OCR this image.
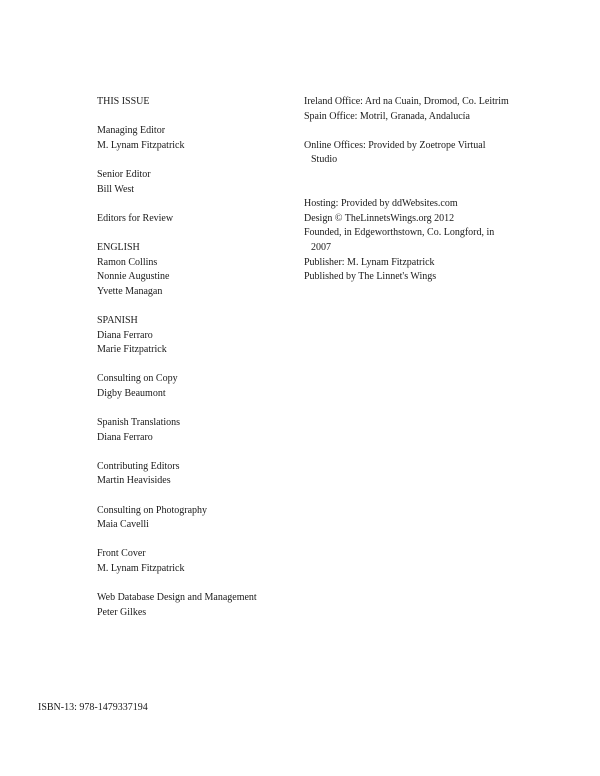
THIS ISSUE
Managing Editor
M. Lynam Fitzpatrick
Senior Editor
Bill West
Editors for Review
ENGLISH
Ramon Collins
Nonnie Augustine
Yvette Managan
SPANISH
Diana Ferraro
Marie Fitzpatrick
Consulting on Copy
Digby Beaumont
Spanish Translations
Diana Ferraro
Contributing Editors
Martin Heavisides
Consulting on Photography
Maia Cavelli
Front Cover
M. Lynam Fitzpatrick
Web Database Design and Management
Peter Gilkes
Ireland Office: Ard na Cuain, Dromod, Co. Leitrim
Spain Office: Motril, Granada, Andalucía
Online Offices: Provided by Zoetrope Virtual Studio
Hosting: Provided by ddWebsites.com
Design © TheLinnetsWings.org 2012
Founded, in Edgeworthstown, Co. Longford, in 2007
Publisher: M. Lynam Fitzpatrick
Published by The Linnet's Wings
ISBN-13: 978-1479337194
